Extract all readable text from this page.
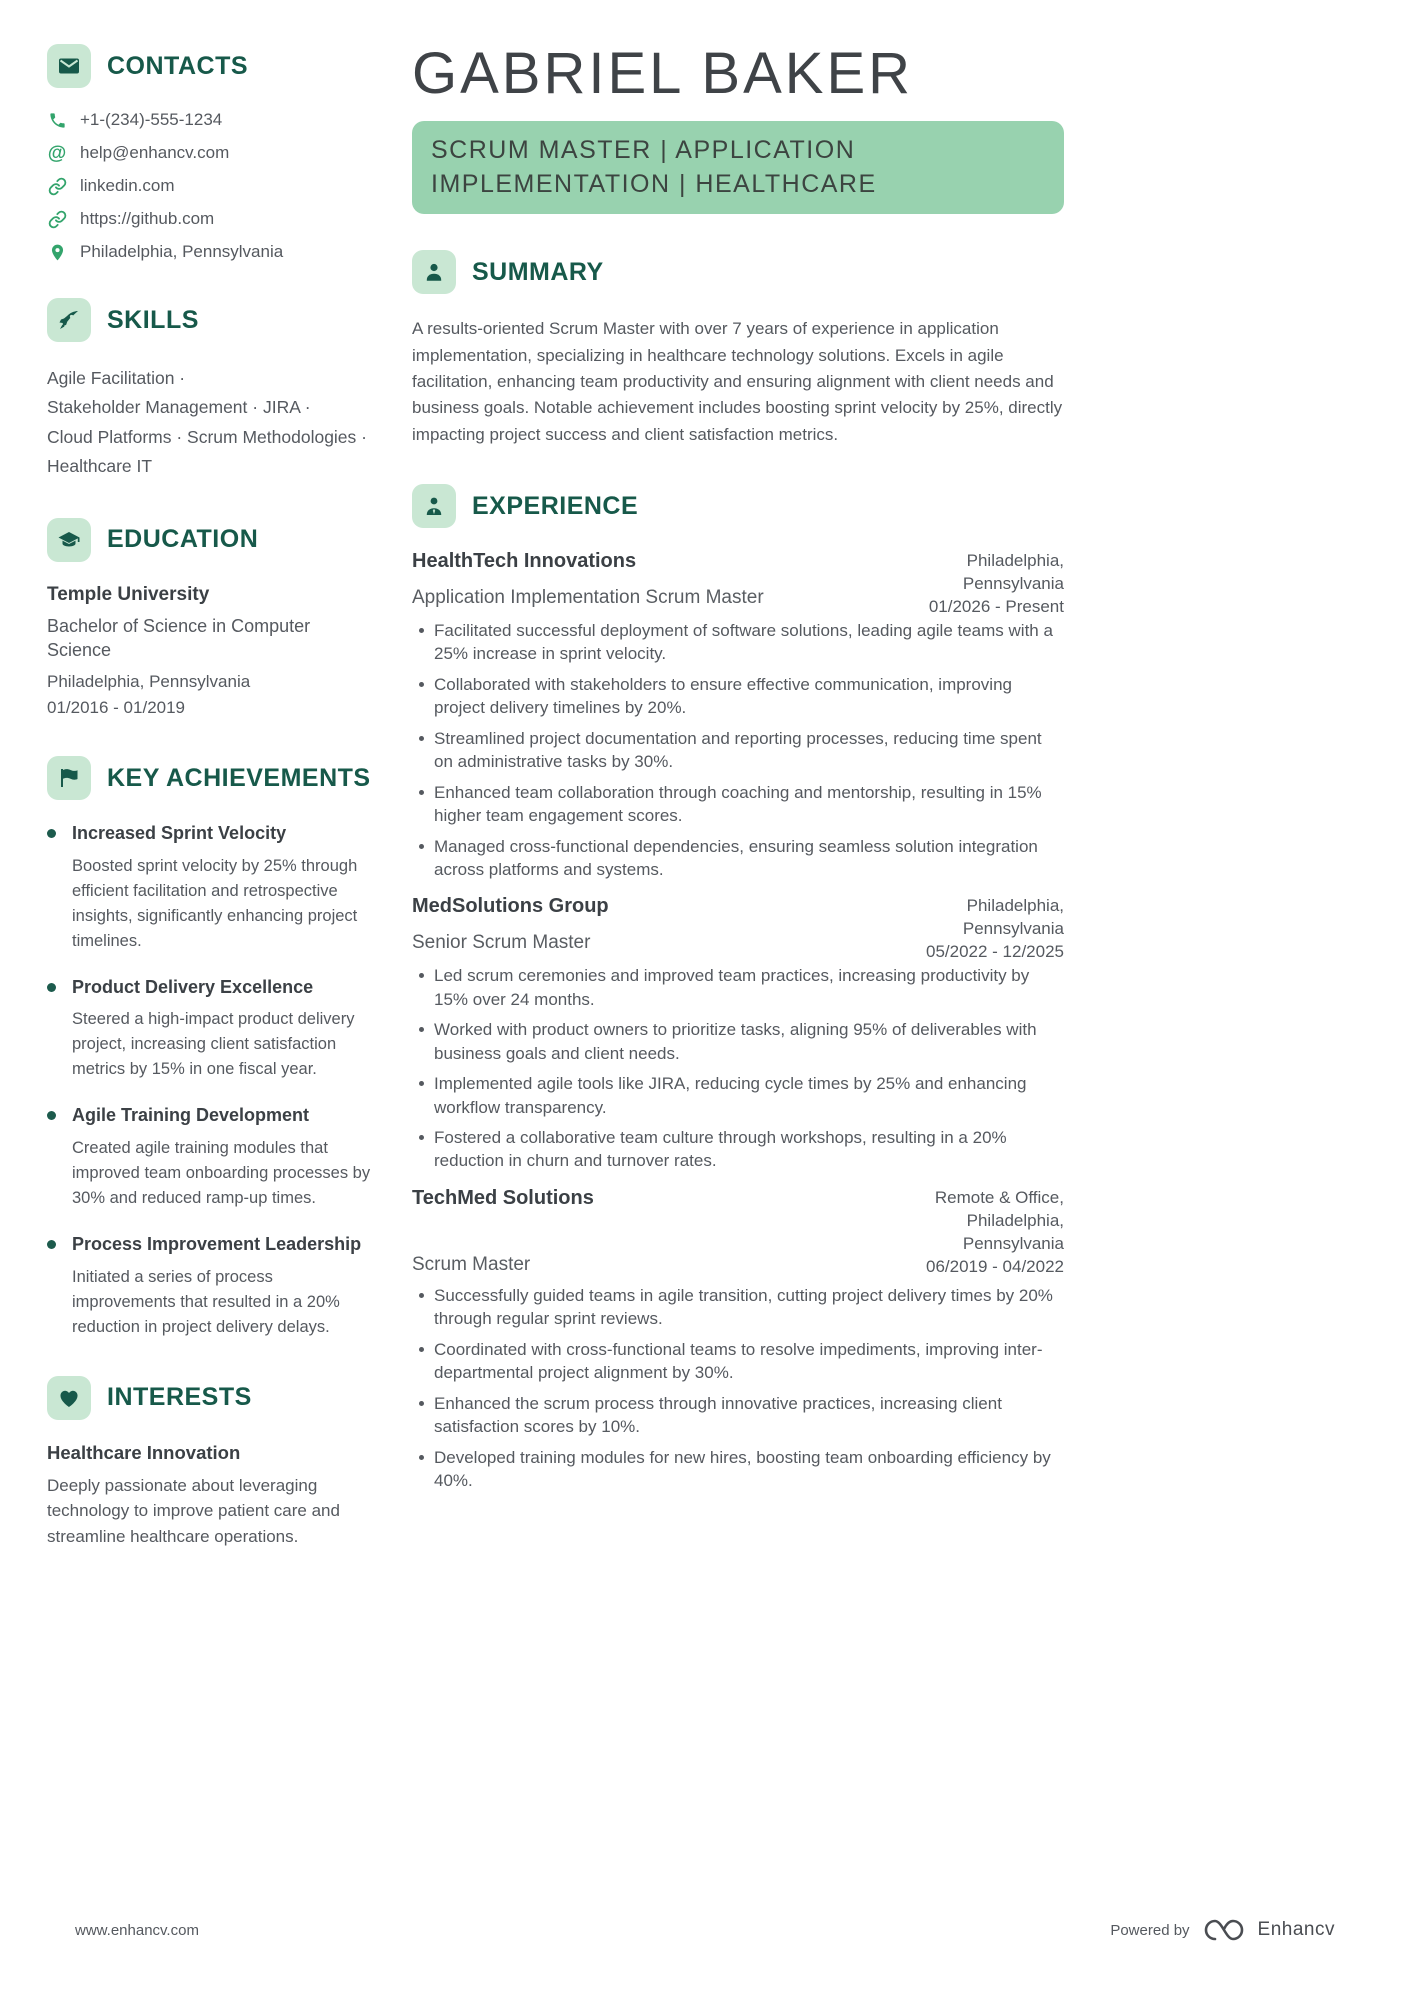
CONTACTS
+1-(234)-555-1234
@ help@enhancv.com
linkedin.com
https://github.com
Philadelphia, Pennsylvania
SKILLS
Agile Facilitation ·
Stakeholder Management · JIRA ·
Cloud Platforms · Scrum Methodologies ·
Healthcare IT
EDUCATION
Temple University
Bachelor of Science in Computer Science
Philadelphia, Pennsylvania
01/2016 - 01/2019
KEY ACHIEVEMENTS
Increased Sprint Velocity
Boosted sprint velocity by 25% through efficient facilitation and retrospective insights, significantly enhancing project timelines.
Product Delivery Excellence
Steered a high-impact product delivery project, increasing client satisfaction metrics by 15% in one fiscal year.
Agile Training Development
Created agile training modules that improved team onboarding processes by 30% and reduced ramp-up times.
Process Improvement Leadership
Initiated a series of process improvements that resulted in a 20% reduction in project delivery delays.
INTERESTS
Healthcare Innovation
Deeply passionate about leveraging technology to improve patient care and streamline healthcare operations.
GABRIEL BAKER
SCRUM MASTER | APPLICATION IMPLEMENTATION | HEALTHCARE
SUMMARY

A results-oriented Scrum Master with over 7 years of experience in application implementation, specializing in healthcare technology solutions. Excels in agile facilitation, enhancing team productivity and ensuring alignment with client needs and business goals. Notable achievement includes boosting sprint velocity by 25%, directly impacting project success and client satisfaction metrics.

EXPERIENCE
HealthTech Innovations
Application Implementation Scrum Master
Philadelphia, Pennsylvania
01/2026 - Present
Facilitated successful deployment of software solutions, leading agile teams with a 25% increase in sprint velocity.
Collaborated with stakeholders to ensure effective communication, improving project delivery timelines by 20%.
Streamlined project documentation and reporting processes, reducing time spent on administrative tasks by 30%.
Enhanced team collaboration through coaching and mentorship, resulting in 15% higher team engagement scores.
Managed cross-functional dependencies, ensuring seamless solution integration across platforms and systems.
MedSolutions Group
Senior Scrum Master
Philadelphia, Pennsylvania
05/2022 - 12/2025
Led scrum ceremonies and improved team practices, increasing productivity by 15% over 24 months.
Worked with product owners to prioritize tasks, aligning 95% of deliverables with business goals and client needs.
Implemented agile tools like JIRA, reducing cycle times by 25% and enhancing workflow transparency.
Fostered a collaborative team culture through workshops, resulting in a 20% reduction in churn and turnover rates.
TechMed Solutions
Scrum Master
Remote & Office, Philadelphia, Pennsylvania
06/2019 - 04/2022
Successfully guided teams in agile transition, cutting project delivery times by 20% through regular sprint reviews.
Coordinated with cross-functional teams to resolve impediments, improving inter-departmental project alignment by 30%.
Enhanced the scrum process through innovative practices, increasing client satisfaction scores by 10%.
Developed training modules for new hires, boosting team onboarding efficiency by 40%.
www.enhancv.com	Powered by	Enhancv
